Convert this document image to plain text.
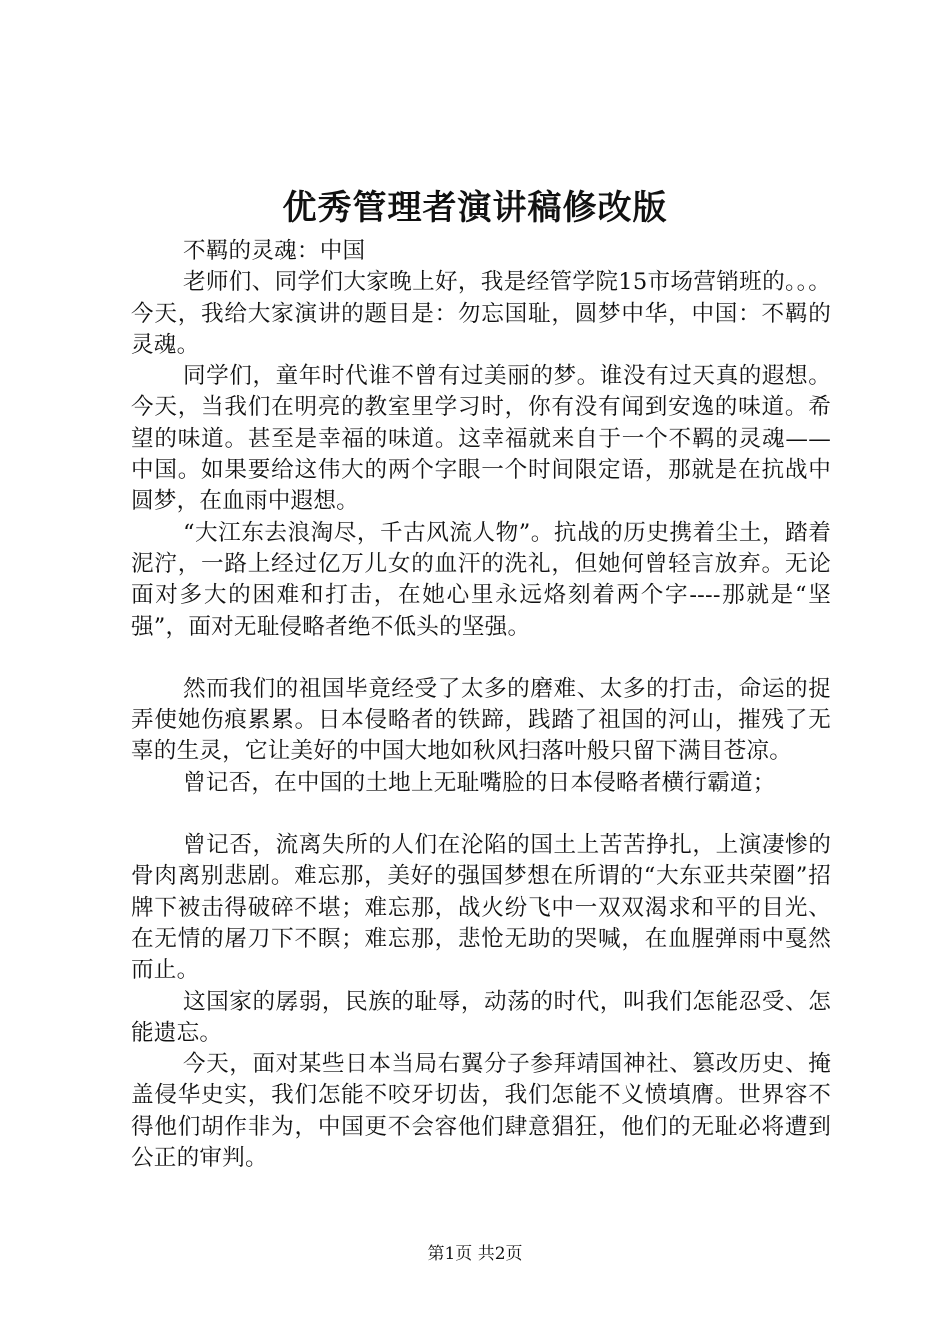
优秀管理者演讲稿修改版

不羁的灵魂：中国

老师们、同学们大家晚上好，我是经管学院15市场营销班的。。。今天，我给大家演讲的题目是：勿忘国耻，圆梦中华，中国：不羁的灵魂。

同学们，童年时代谁不曾有过美丽的梦。谁没有过天真的遐想。今天，当我们在明亮的教室里学习时，你有没有闻到安逸的味道。希望的味道。甚至是幸福的味道。这幸福就来自于一个不羁的灵魂——中国。如果要给这伟大的两个字眼一个时间限定语，那就是在抗战中圆梦，在血雨中遐想。

“大江东去浪淘尽，千古风流人物”。抗战的历史携着尘土，踏着泥泞，一路上经过亿万儿女的血汗的洗礼，但她何曾轻言放弃。无论面对多大的困难和打击，在她心里永远烙刻着两个字----那就是“坚强”，面对无耻侵略者绝不低头的坚强。

然而我们的祖国毕竟经受了太多的磨难、太多的打击，命运的捉弄使她伤痕累累。日本侵略者的铁蹄，践踏了祖国的河山，摧残了无辜的生灵，它让美好的中国大地如秋风扫落叶般只留下满目苍凉。

曾记否，在中国的土地上无耻嘴脸的日本侵略者横行霸道；

曾记否，流离失所的人们在沦陷的国土上苦苦挣扎，上演凄惨的骨肉离别悲剧。难忘那，美好的强国梦想在所谓的“大东亚共荣圈”招牌下被击得破碎不堪；难忘那，战火纷飞中一双双渴求和平的目光、在无情的屠刀下不瞑；难忘那，悲怆无助的哭喊，在血腥弹雨中戛然而止。

这国家的孱弱，民族的耻辱，动荡的时代，叫我们怎能忍受、怎能遗忘。

今天，面对某些日本当局右翼分子参拜靖国神社、篡改历史、掩盖侵华史实，我们怎能不咬牙切齿，我们怎能不义愤填膺。世界容不得他们胡作非为，中国更不会容他们肆意猖狂，他们的无耻必将遭到公正的审判。

第1页 共2页
